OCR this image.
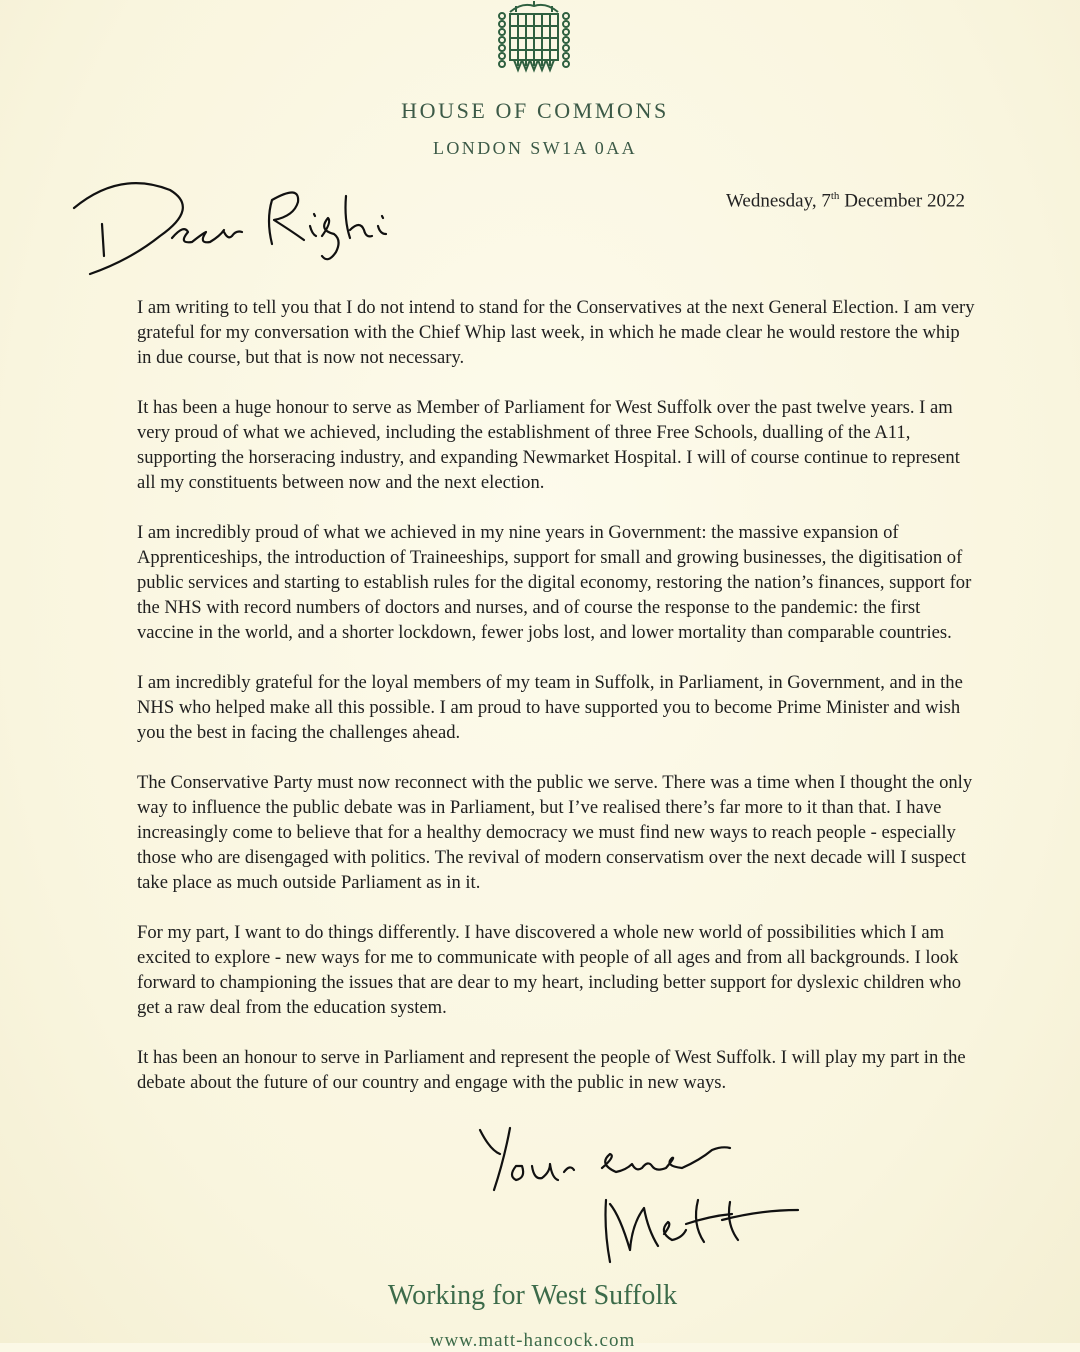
HOUSE OF COMMONS
LONDON SW1A 0AA
Wednesday, 7th December 2022

I am writing to tell you that I do not intend to stand for the Conservatives at the next General Election. I am very grateful for my conversation with the Chief Whip last week, in which he made clear he would restore the whip in due course, but that is now not necessary.

It has been a huge honour to serve as Member of Parliament for West Suffolk over the past twelve years. I am very proud of what we achieved, including the establishment of three Free Schools, dualling of the A11, supporting the horseracing industry, and expanding Newmarket Hospital. I will of course continue to represent all my constituents between now and the next election.

I am incredibly proud of what we achieved in my nine years in Government: the massive expansion of Apprenticeships, the introduction of Traineeships, support for small and growing businesses, the digitisation of public services and starting to establish rules for the digital economy, restoring the nation’s finances, support for the NHS with record numbers of doctors and nurses, and of course the response to the pandemic: the first vaccine in the world, and a shorter lockdown, fewer jobs lost, and lower mortality than comparable countries.

I am incredibly grateful for the loyal members of my team in Suffolk, in Parliament, in Government, and in the NHS who helped make all this possible. I am proud to have supported you to become Prime Minister and wish you the best in facing the challenges ahead.

The Conservative Party must now reconnect with the public we serve. There was a time when I thought the only way to influence the public debate was in Parliament, but I’ve realised there’s far more to it than that. I have increasingly come to believe that for a healthy democracy we must find new ways to reach people - especially those who are disengaged with politics. The revival of modern conservatism over the next decade will I suspect take place as much outside Parliament as in it.

For my part, I want to do things differently. I have discovered a whole new world of possibilities which I am excited to explore - new ways for me to communicate with people of all ages and from all backgrounds. I look forward to championing the issues that are dear to my heart, including better support for dyslexic children who get a raw deal from the education system.

It has been an honour to serve in Parliament and represent the people of West Suffolk. I will play my part in the debate about the future of our country and engage with the public in new ways.

Working for West Suffolk
www.matt-hancock.com
